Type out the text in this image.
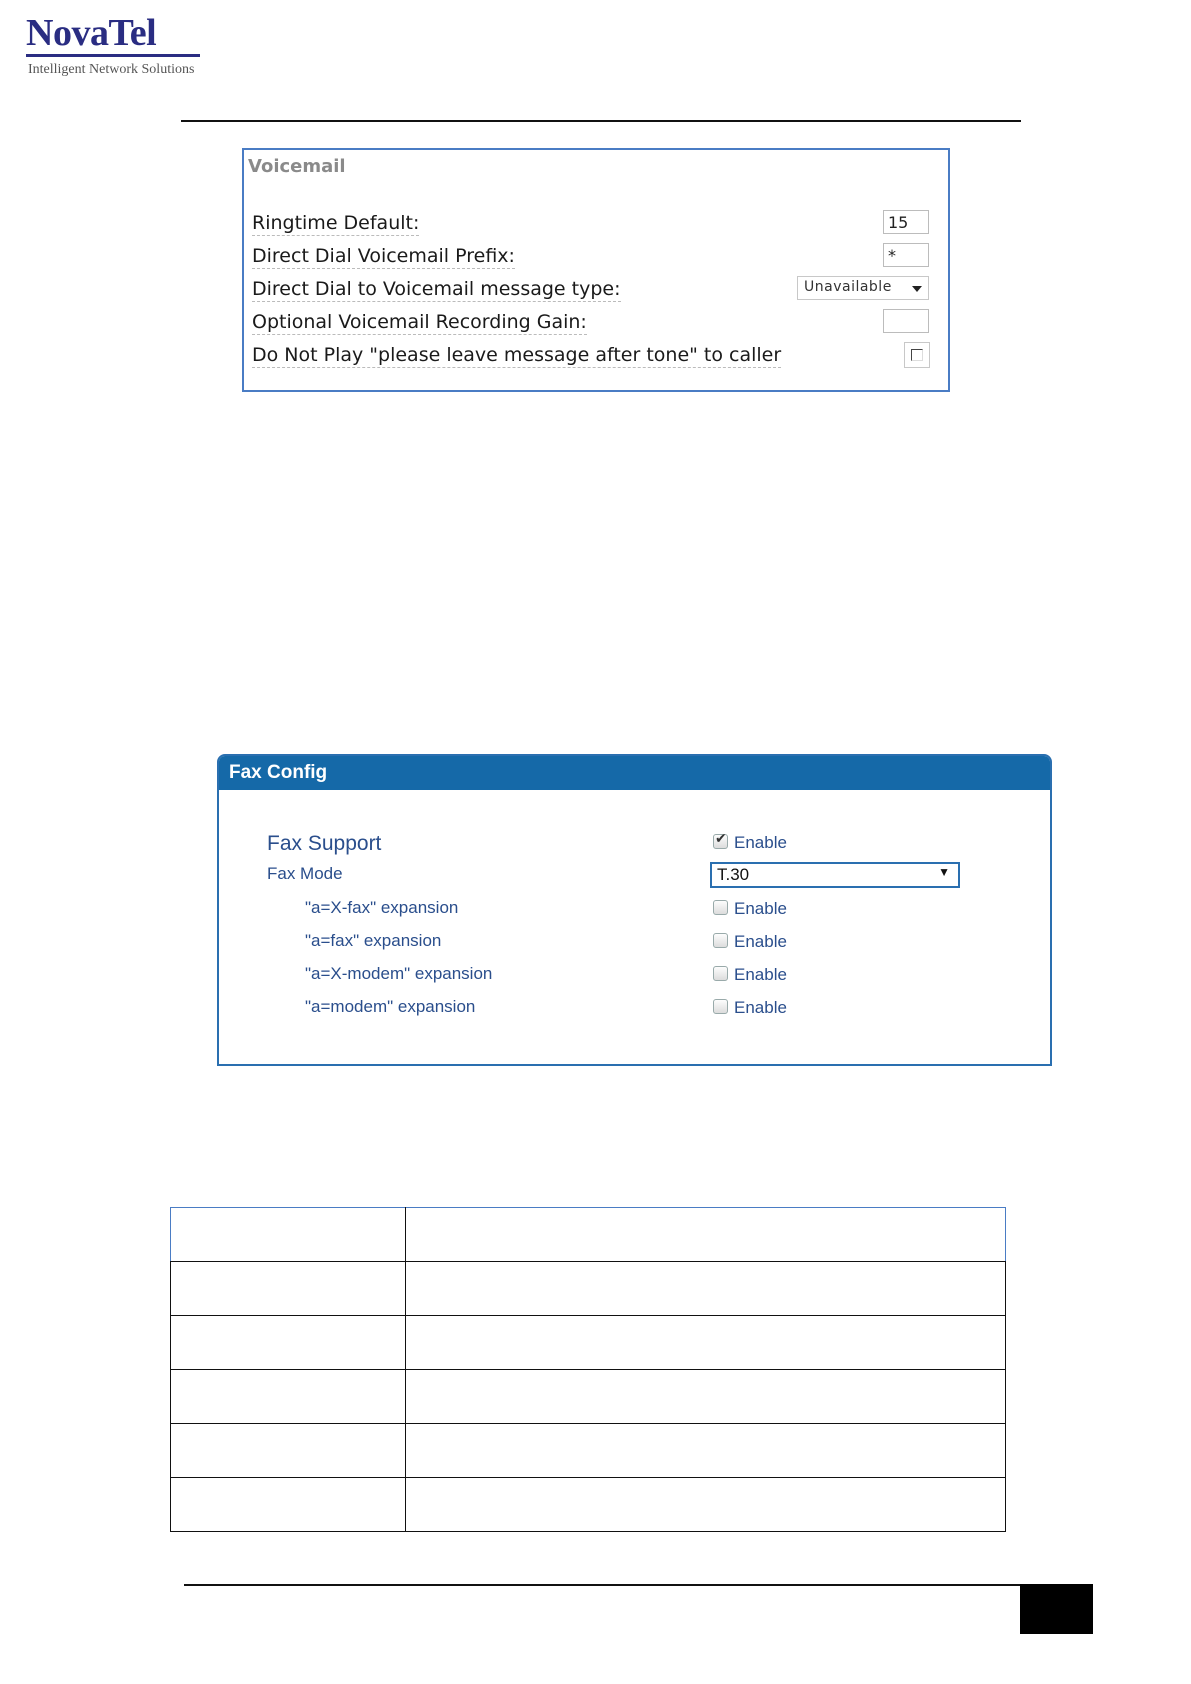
NovaTel
Intelligent Network Solutions
Voicemail
Ringtime Default:	15
Direct Dial Voicemail Prefix:	*
Direct Dial to Voicemail message type:	Unavailable
Optional Voicemail Recording Gain:
Do Not Play "please leave message after tone" to caller
Fax Config
Fax Support
✔	Enable
Fax Mode	T.30	▼
"a=X-fax" expansion	Enable
"a=fax" expansion	Enable
"a=X-modem" expansion	Enable
"a=modem" expansion	Enable
